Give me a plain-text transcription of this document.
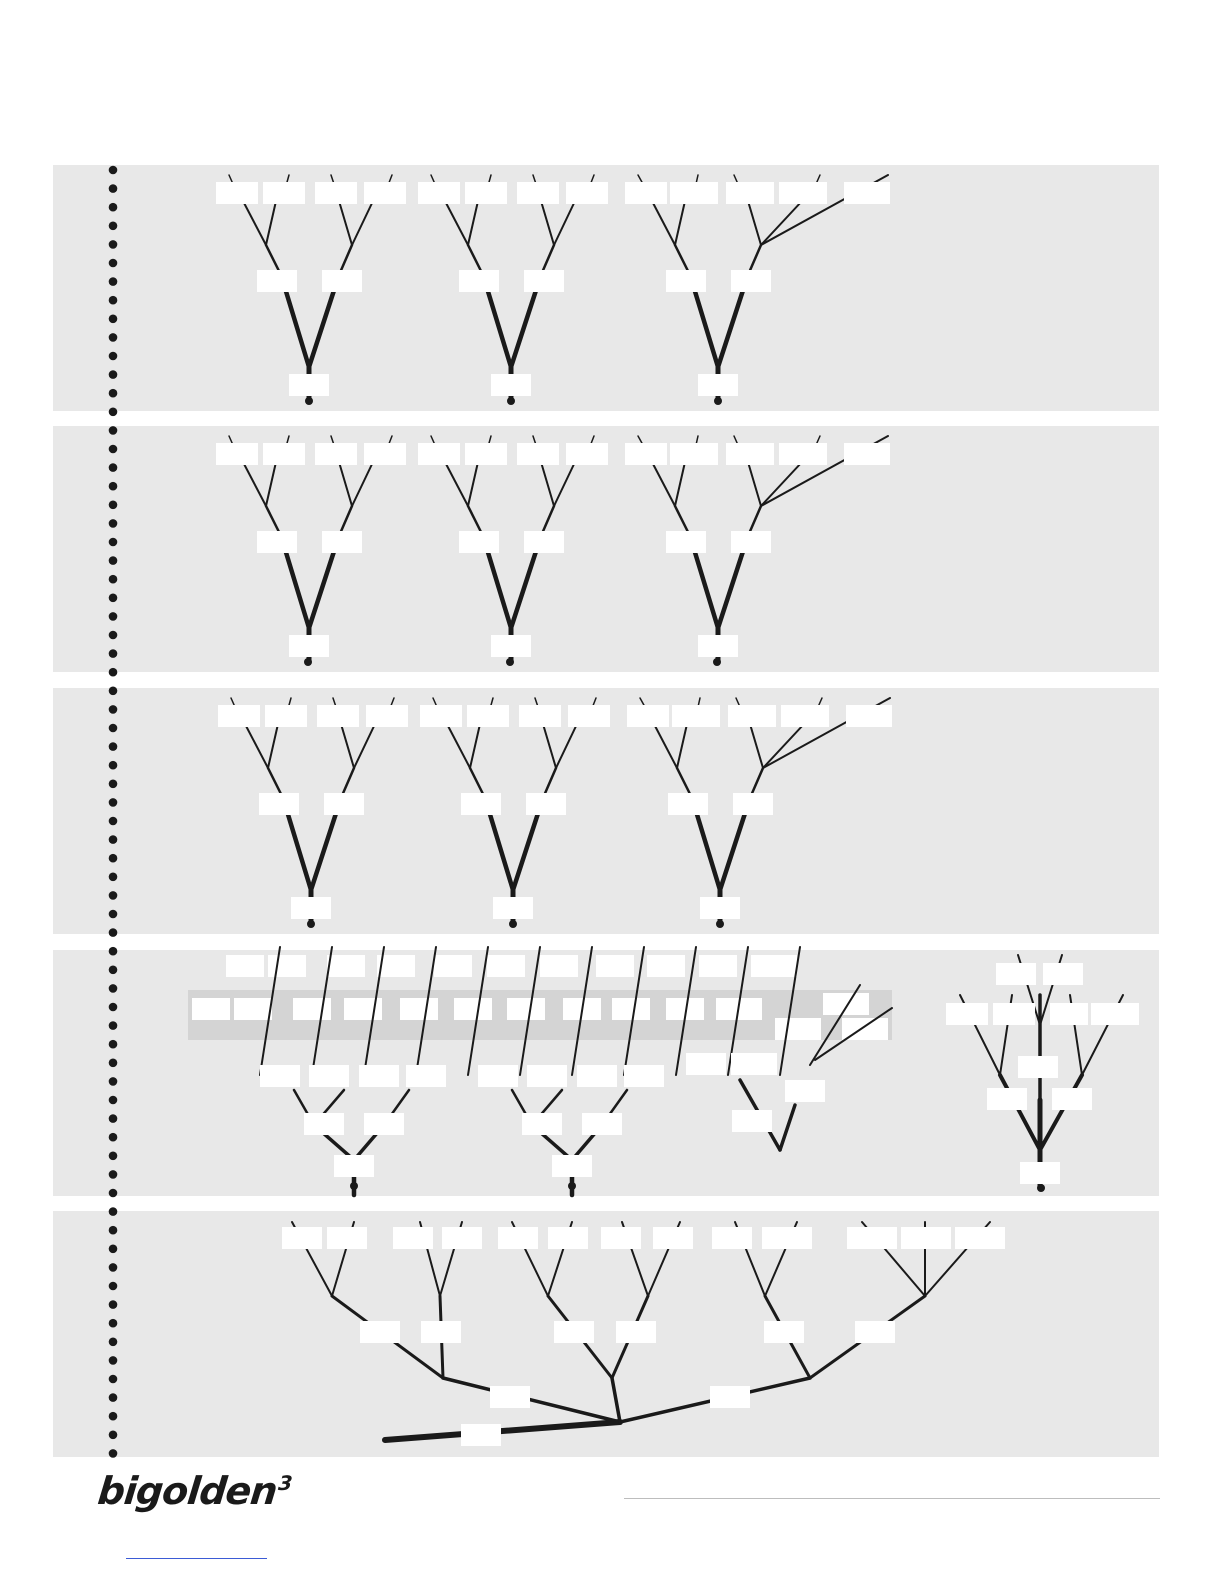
bigolden$^3$
